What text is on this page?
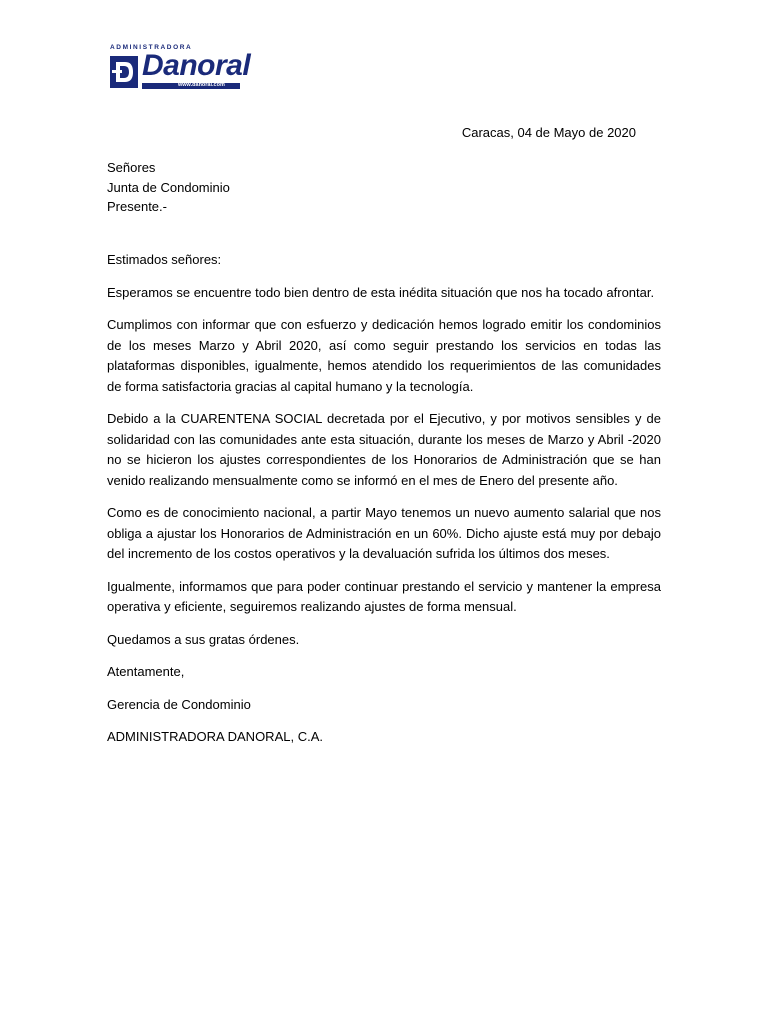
ADMINISTRADORA
Danoral
www.danoral.com
Caracas, 04 de Mayo de 2020
Señores
Junta de Condominio
Presente.-

Estimados señores:

Esperamos se encuentre todo bien dentro de esta inédita situación que nos ha tocado afrontar.

Cumplimos con informar que con esfuerzo y dedicación hemos logrado emitir los condominios de los meses Marzo y Abril 2020, así como seguir prestando los servicios en todas las plataformas disponibles, igualmente, hemos atendido los requerimientos de las comunidades de forma satisfactoria gracias al capital humano y la tecnología.

Debido a la CUARENTENA SOCIAL decretada por el Ejecutivo, y por motivos sensibles y de solidaridad con las comunidades ante esta situación, durante los meses de Marzo y Abril -2020 no se hicieron los ajustes correspondientes de los Honorarios de Administración que se han venido realizando mensualmente como se informó en el mes de Enero del presente año.

Como es de conocimiento nacional, a partir Mayo tenemos un nuevo aumento salarial que nos obliga a ajustar los Honorarios de Administración en un 60%. Dicho ajuste está muy por debajo del incremento de los costos operativos y la devaluación sufrida los últimos dos meses.

Igualmente, informamos que para poder continuar prestando el servicio y mantener la empresa operativa y eficiente, seguiremos realizando ajustes de forma mensual.

Quedamos a sus gratas órdenes.

Atentamente,

Gerencia de Condominio

ADMINISTRADORA DANORAL, C.A.
